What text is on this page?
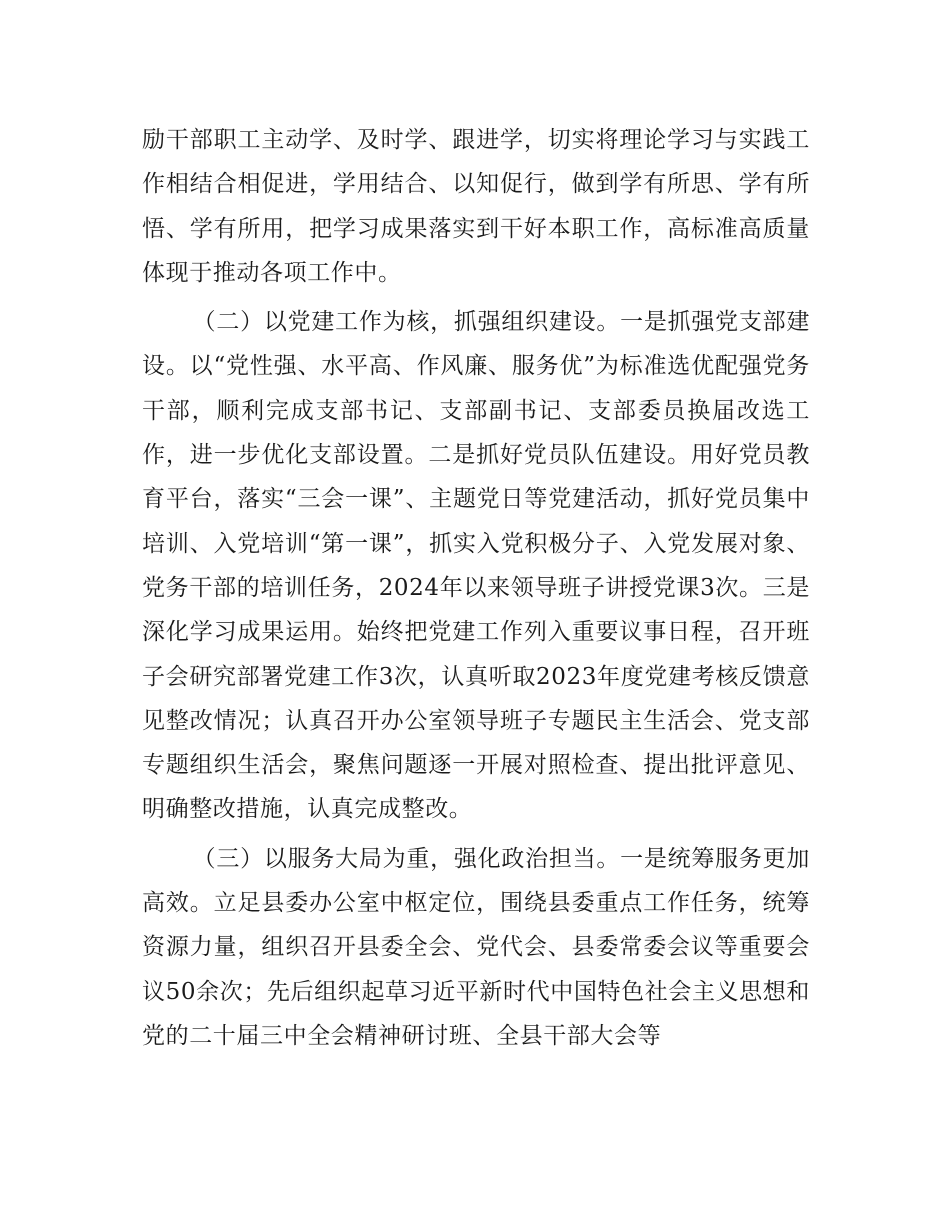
励干部职工主动学、及时学、跟进学，切实将理论学习与实践工作相结合相促进，学用结合、以知促行，做到学有所思、学有所悟、学有所用，把学习成果落实到干好本职工作，高标准高质量体现于推动各项工作中。

（二）以党建工作为核，抓强组织建设。一是抓强党支部建设。以“党性强、水平高、作风廉、服务优”为标准选优配强党务干部，顺利完成支部书记、支部副书记、支部委员换届改选工作，进一步优化支部设置。二是抓好党员队伍建设。用好党员教育平台，落实“三会一课”、主题党日等党建活动，抓好党员集中培训、入党培训“第一课”，抓实入党积极分子、入党发展对象、党务干部的培训任务，2024年以来领导班子讲授党课3次。三是深化学习成果运用。始终把党建工作列入重要议事日程，召开班子会研究部署党建工作3次，认真听取2023年度党建考核反馈意见整改情况；认真召开办公室领导班子专题民主生活会、党支部专题组织生活会，聚焦问题逐一开展对照检查、提出批评意见、明确整改措施，认真完成整改。

（三）以服务大局为重，强化政治担当。一是统筹服务更加高效。立足县委办公室中枢定位，围绕县委重点工作任务，统筹资源力量，组织召开县委全会、党代会、县委常委会议等重要会议50余次；先后组织起草习近平新时代中国特色社会主义思想和党的二十届三中全会精神研讨班、全县干部大会等
